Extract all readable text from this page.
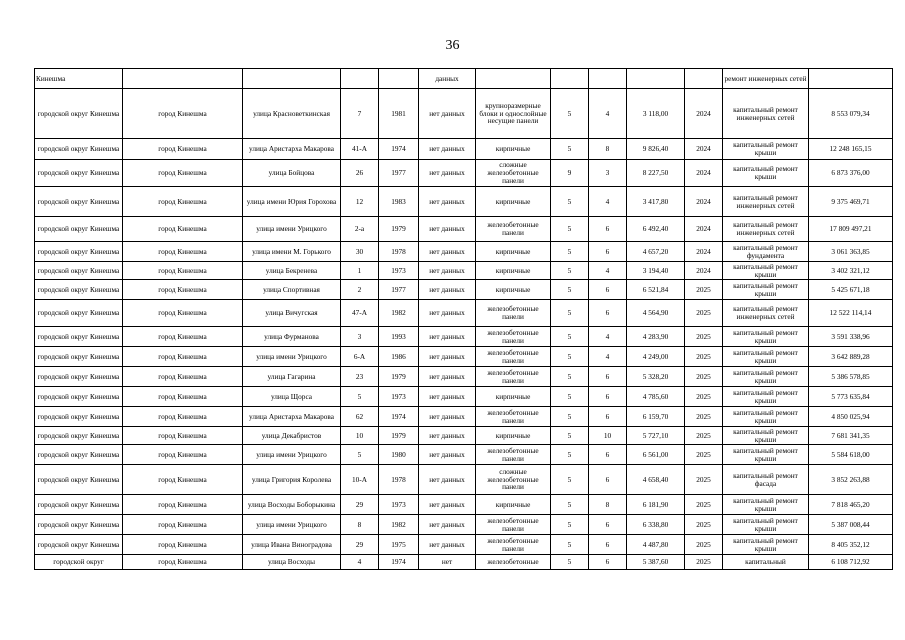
36
Кинешма					данных						ремонт инженерных сетей	
городской округ Кинешма	город Кинешма	улица Красноветкинская	7	1981	нет данных	крупноразмерные блоки и однослойные несущие панели	5	4	3 118,00	2024	капитальный ремонт инженерных сетей	8 553 079,34
городской округ Кинешма	город Кинешма	улица Аристарха Макарова	41-А	1974	нет данных	кирпичные	5	8	9 826,40	2024	капитальный ремонт крыши	12 248 165,15
городской округ Кинешма	город Кинешма	улица Бойцова	26	1977	нет данных	сложные железобетонные панели	9	3	8 227,50	2024	капитальный ремонт крыши	6 873 376,00
городской округ Кинешма	город Кинешма	улица имени Юрия Горохова	12	1983	нет данных	кирпичные	5	4	3 417,80	2024	капитальный ремонт инженерных сетей	9 375 469,71
городской округ Кинешма	город Кинешма	улица имени Урицкого	2-а	1979	нет данных	железобетонные панели	5	6	6 492,40	2024	капитальный ремонт инженерных сетей	17 809 497,21
городской округ Кинешма	город Кинешма	улица имени М. Горького	30	1978	нет данных	кирпичные	5	6	4 657,20	2024	капитальный ремонт фундамента	3 061 363,85
городской округ Кинешма	город Кинешма	улица Бекренева	1	1973	нет данных	кирпичные	5	4	3 194,40	2024	капитальный ремонт крыши	3 402 321,12
городской округ Кинешма	город Кинешма	улица Спортивная	2	1977	нет данных	кирпичные	5	6	6 521,84	2025	капитальный ремонт крыши	5 425 671,18
городской округ Кинешма	город Кинешма	улица Вичугская	47-А	1982	нет данных	железобетонные панели	5	6	4 564,90	2025	капитальный ремонт инженерных сетей	12 522 114,14
городской округ Кинешма	город Кинешма	улица Фурманова	3	1993	нет данных	железобетонные панели	5	4	4 283,90	2025	капитальный ремонт крыши	3 591 338,96
городской округ Кинешма	город Кинешма	улица имени Урицкого	6-А	1986	нет данных	железобетонные панели	5	4	4 249,00	2025	капитальный ремонт крыши	3 642 889,28
городской округ Кинешма	город Кинешма	улица Гагарина	23	1979	нет данных	железобетонные панели	5	6	5 328,20	2025	капитальный ремонт крыши	5 386 578,85
городской округ Кинешма	город Кинешма	улица Щорса	5	1973	нет данных	кирпичные	5	6	4 785,60	2025	капитальный ремонт крыши	5 773 635,84
городской округ Кинешма	город Кинешма	улица Аристарха Макарова	62	1974	нет данных	железобетонные панели	5	6	6 159,70	2025	капитальный ремонт крыши	4 850 025,94
городской округ Кинешма	город Кинешма	улица Декабристов	10	1979	нет данных	кирпичные	5	10	5 727,10	2025	капитальный ремонт крыши	7 681 341,35
городской округ Кинешма	город Кинешма	улица имени Урицкого	5	1980	нет данных	железобетонные панели	5	6	6 561,00	2025	капитальный ремонт крыши	5 584 618,00
городской округ Кинешма	город Кинешма	улица Григория Королева	10-А	1978	нет данных	сложные железобетонные панели	5	6	4 658,40	2025	капитальный ремонт фасада	3 852 263,88
городской округ Кинешма	город Кинешма	улица Восходы Боборыкина	29	1973	нет данных	кирпичные	5	8	6 181,90	2025	капитальный ремонт крыши	7 818 465,20
городской округ Кинешма	город Кинешма	улица имени Урицкого	8	1982	нет данных	железобетонные панели	5	6	6 338,80	2025	капитальный ремонт крыши	5 387 008,44
городской округ Кинешма	город Кинешма	улица Ивана Виноградова	29	1975	нет данных	железобетонные панели	5	6	4 487,80	2025	капитальный ремонт крыши	8 405 352,12
городской округ	город Кинешма	улица Восходы	4	1974	нет	железобетонные	5	6	5 387,60	2025	капитальный	6 108 712,92
